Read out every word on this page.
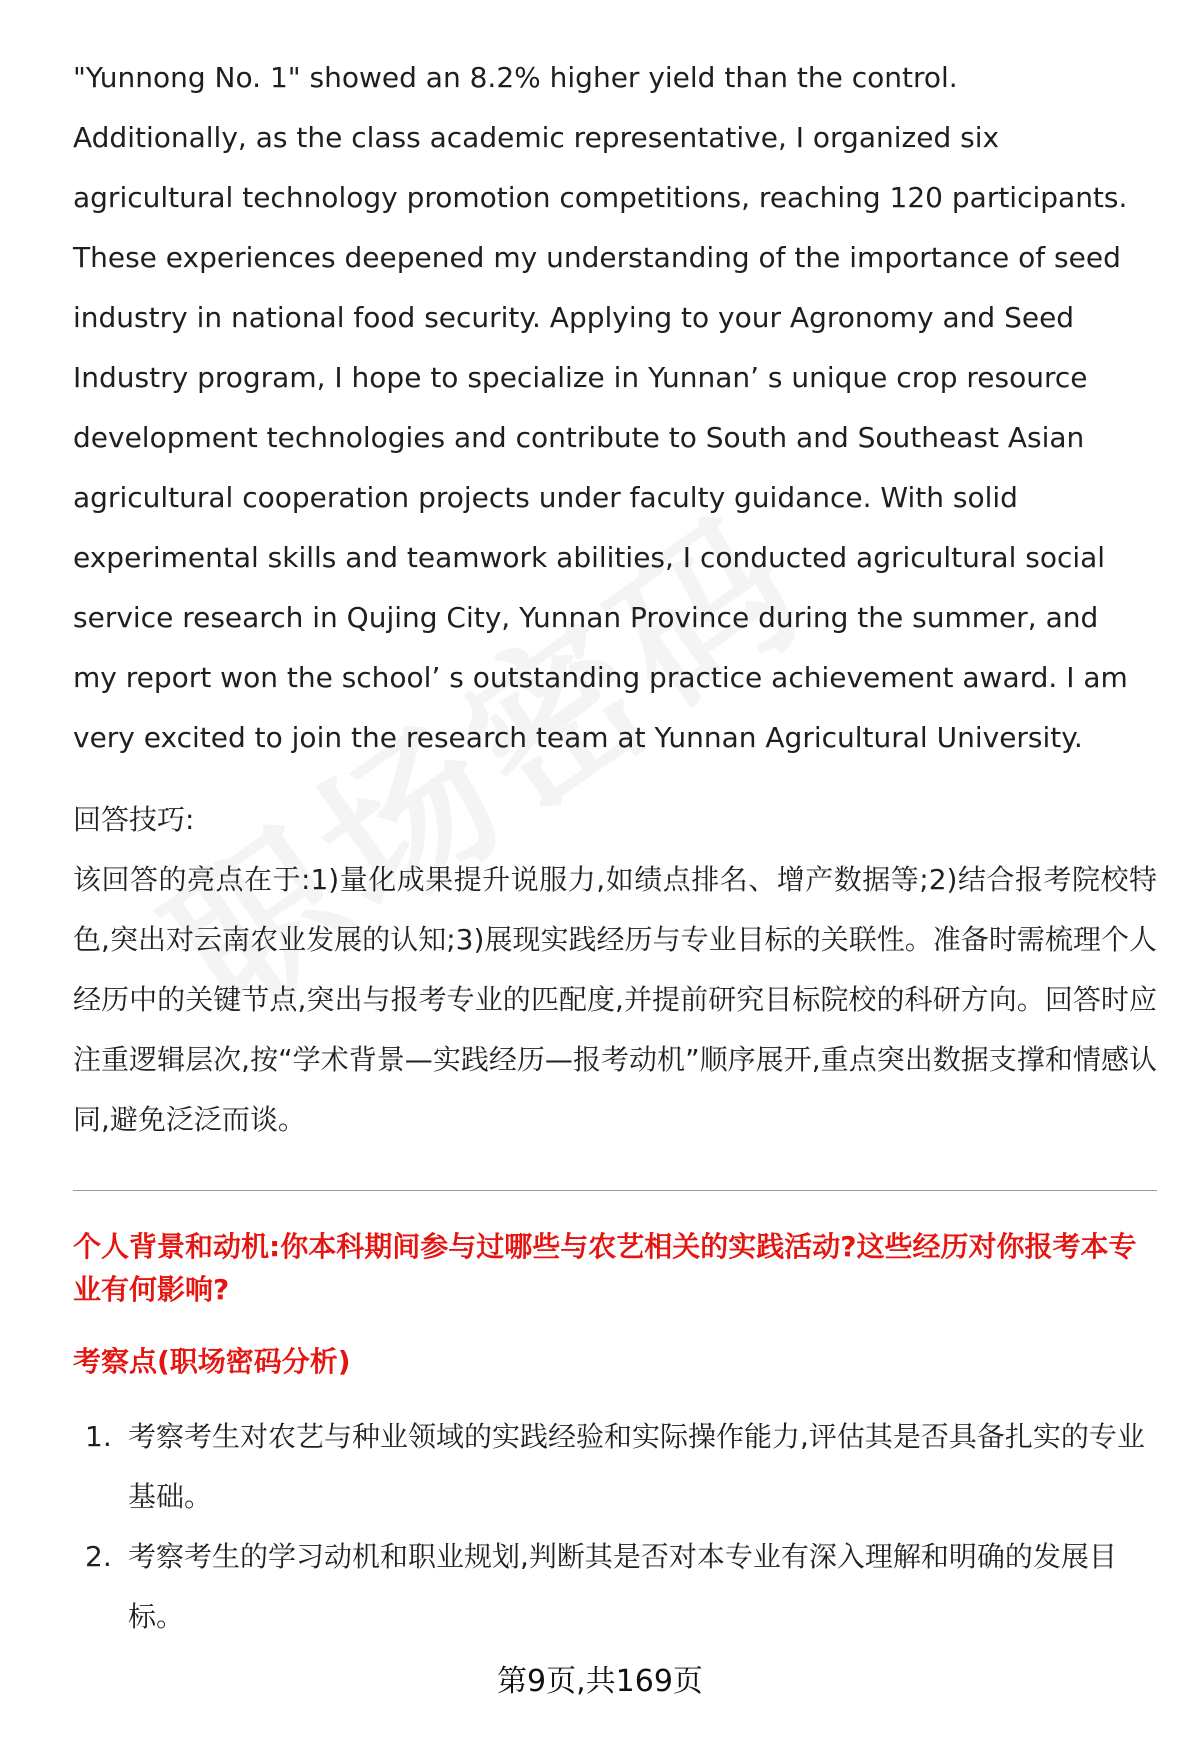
"Yunnong No. 1" showed an 8.2% higher yield than the control.
Additionally, as the class academic representative, I organized six
agricultural technology promotion competitions, reaching 120 participants.
These experiences deepened my understanding of the importance of seed
industry in national food security. Applying to your Agronomy and Seed
Industry program, I hope to specialize in Yunnan’ s unique crop resource
development technologies and contribute to South and Southeast Asian
agricultural cooperation projects under faculty guidance. With solid
experimental skills and teamwork abilities, I conducted agricultural social
service research in Qujing City, Yunnan Province during the summer, and
my report won the school’ s outstanding practice achievement award. I am
very excited to join the research team at Yunnan Agricultural University.

回答技巧:

该回答的亮点在于:1)量化成果提升说服力,如绩点排名、增产数据等;2)结合报考院校特色,突出对云南农业发展的认知;3)展现实践经历与专业目标的关联性。准备时需梳理个人经历中的关键节点,突出与报考专业的匹配度,并提前研究目标院校的科研方向。回答时应注重逻辑层次,按“学术背景—实践经历—报考动机”顺序展开,重点突出数据支撑和情感认同,避免泛泛而谈。

个人背景和动机:你本科期间参与过哪些与农艺相关的实践活动?这些经历对你报考本专业有何影响?
考察点(职场密码分析)
1. 考察考生对农艺与种业领域的实践经验和实际操作能力,评估其是否具备扎实的专业基础。
2. 考察考生的学习动机和职业规划,判断其是否对本专业有深入理解和明确的发展目标。
第9页,共169页
